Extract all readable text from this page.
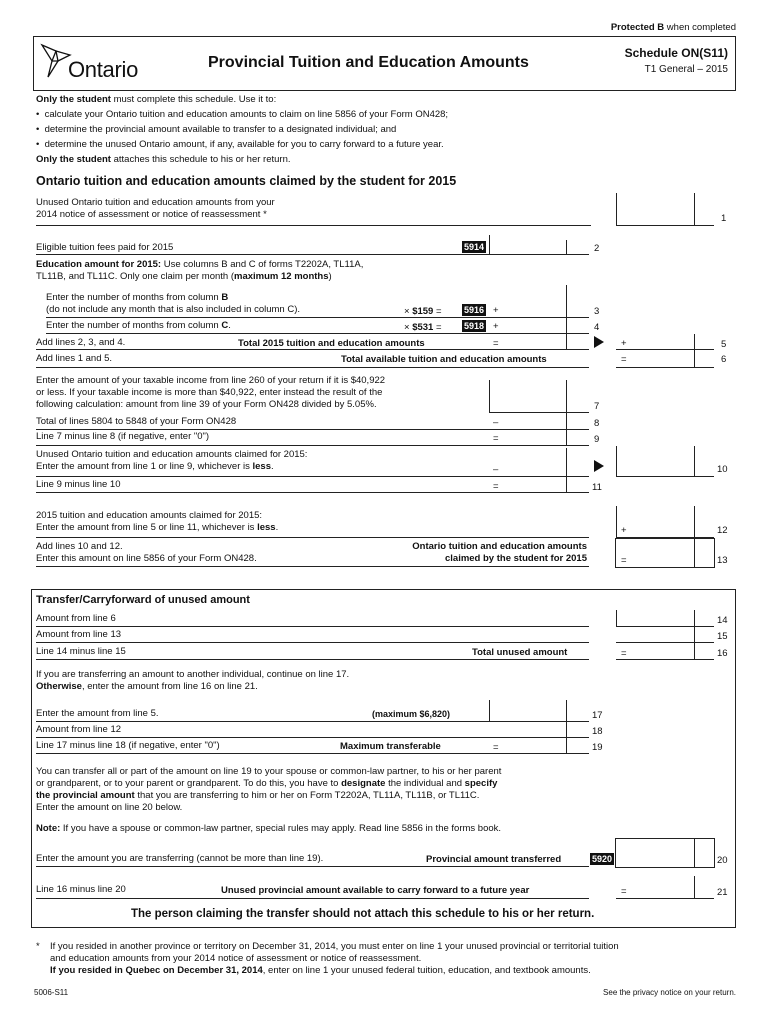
Protected B when completed
Ontario	Provincial Tuition and Education Amounts
Schedule ON(S11)
T1 General – 2015
Only the student must complete this schedule. Use it to:
•  calculate your Ontario tuition and education amounts to claim on line 5856 of your Form ON428;
•  determine the provincial amount available to transfer to a designated individual; and
•  determine the unused Ontario amount, if any, available for you to carry forward to a future year.
Only the student attaches this schedule to his or her return.
Ontario tuition and education amounts claimed by the student for 2015
Unused Ontario tuition and education amounts from your
2014 notice of assessment or notice of reassessment *	1
Eligible tuition fees paid for 2015	5914	2
Education amount for 2015: Use columns B and C of forms T2202A, TL11A,
TL11B, and TL11C. Only one claim per month (maximum 12 months)
Enter the number of months from column B
(do not include any month that is also included in column C).	× $159 = 5916 +	3
Enter the number of months from column C.	× $531 = 5918 +	4
Add lines 2, 3, and 4.	Total 2015 tuition and education amounts	=	+	5
Add lines 1 and 5.	Total available tuition and education amounts	=	6
Enter the amount of your taxable income from line 260 of your return if it is $40,922
or less. If your taxable income is more than $40,922, enter instead the result of the
following calculation: amount from line 39 of your Form ON428 divided by 5.05%.	7
Total of lines 5804 to 5848 of your Form ON428	–	8
Line 7 minus line 8 (if negative, enter "0")	=	9
Unused Ontario tuition and education amounts claimed for 2015:
Enter the amount from line 1 or line 9, whichever is less.	–	10
Line 9 minus line 10	=	11
2015 tuition and education amounts claimed for 2015:
Enter the amount from line 5 or line 11, whichever is less.	+	12
Add lines 10 and 12.
Enter this amount on line 5856 of your Form ON428.
Ontario tuition and education amounts
claimed by the student for 2015	=	13
Transfer/Carryforward of unused amount
Amount from line 6	14
Amount from line 13	15
Line 14 minus line 15	Total unused amount	=	16
If you are transferring an amount to another individual, continue on line 17.
Otherwise, enter the amount from line 16 on line 21.
Enter the amount from line 5.	(maximum $6,820)	17
Amount from line 12	18
Line 17 minus line 18 (if negative, enter "0")	Maximum transferable	=	19
You can transfer all or part of the amount on line 19 to your spouse or common-law partner, to his or her parent
or grandparent, or to your parent or grandparent. To do this, you have to designate the individual and specify
the provincial amount that you are transferring to him or her on Form T2202A, TL11A, TL11B, or TL11C.
Enter the amount on line 20 below.
Note: If you have a spouse or common-law partner, special rules may apply. Read line 5856 in the forms book.
Enter the amount you are transferring (cannot be more than line 19).	Provincial amount transferred	5920	20
Line 16 minus line 20	Unused provincial amount available to carry forward to a future year	=	21
The person claiming the transfer should not attach this schedule to his or her return.
* If you resided in another province or territory on December 31, 2014, you must enter on line 1 your unused provincial or territorial tuition
and education amounts from your 2014 notice of assessment or notice of reassessment.
If you resided in Quebec on December 31, 2014, enter on line 1 your unused federal tuition, education, and textbook amounts.
5006-S11	See the privacy notice on your return.
